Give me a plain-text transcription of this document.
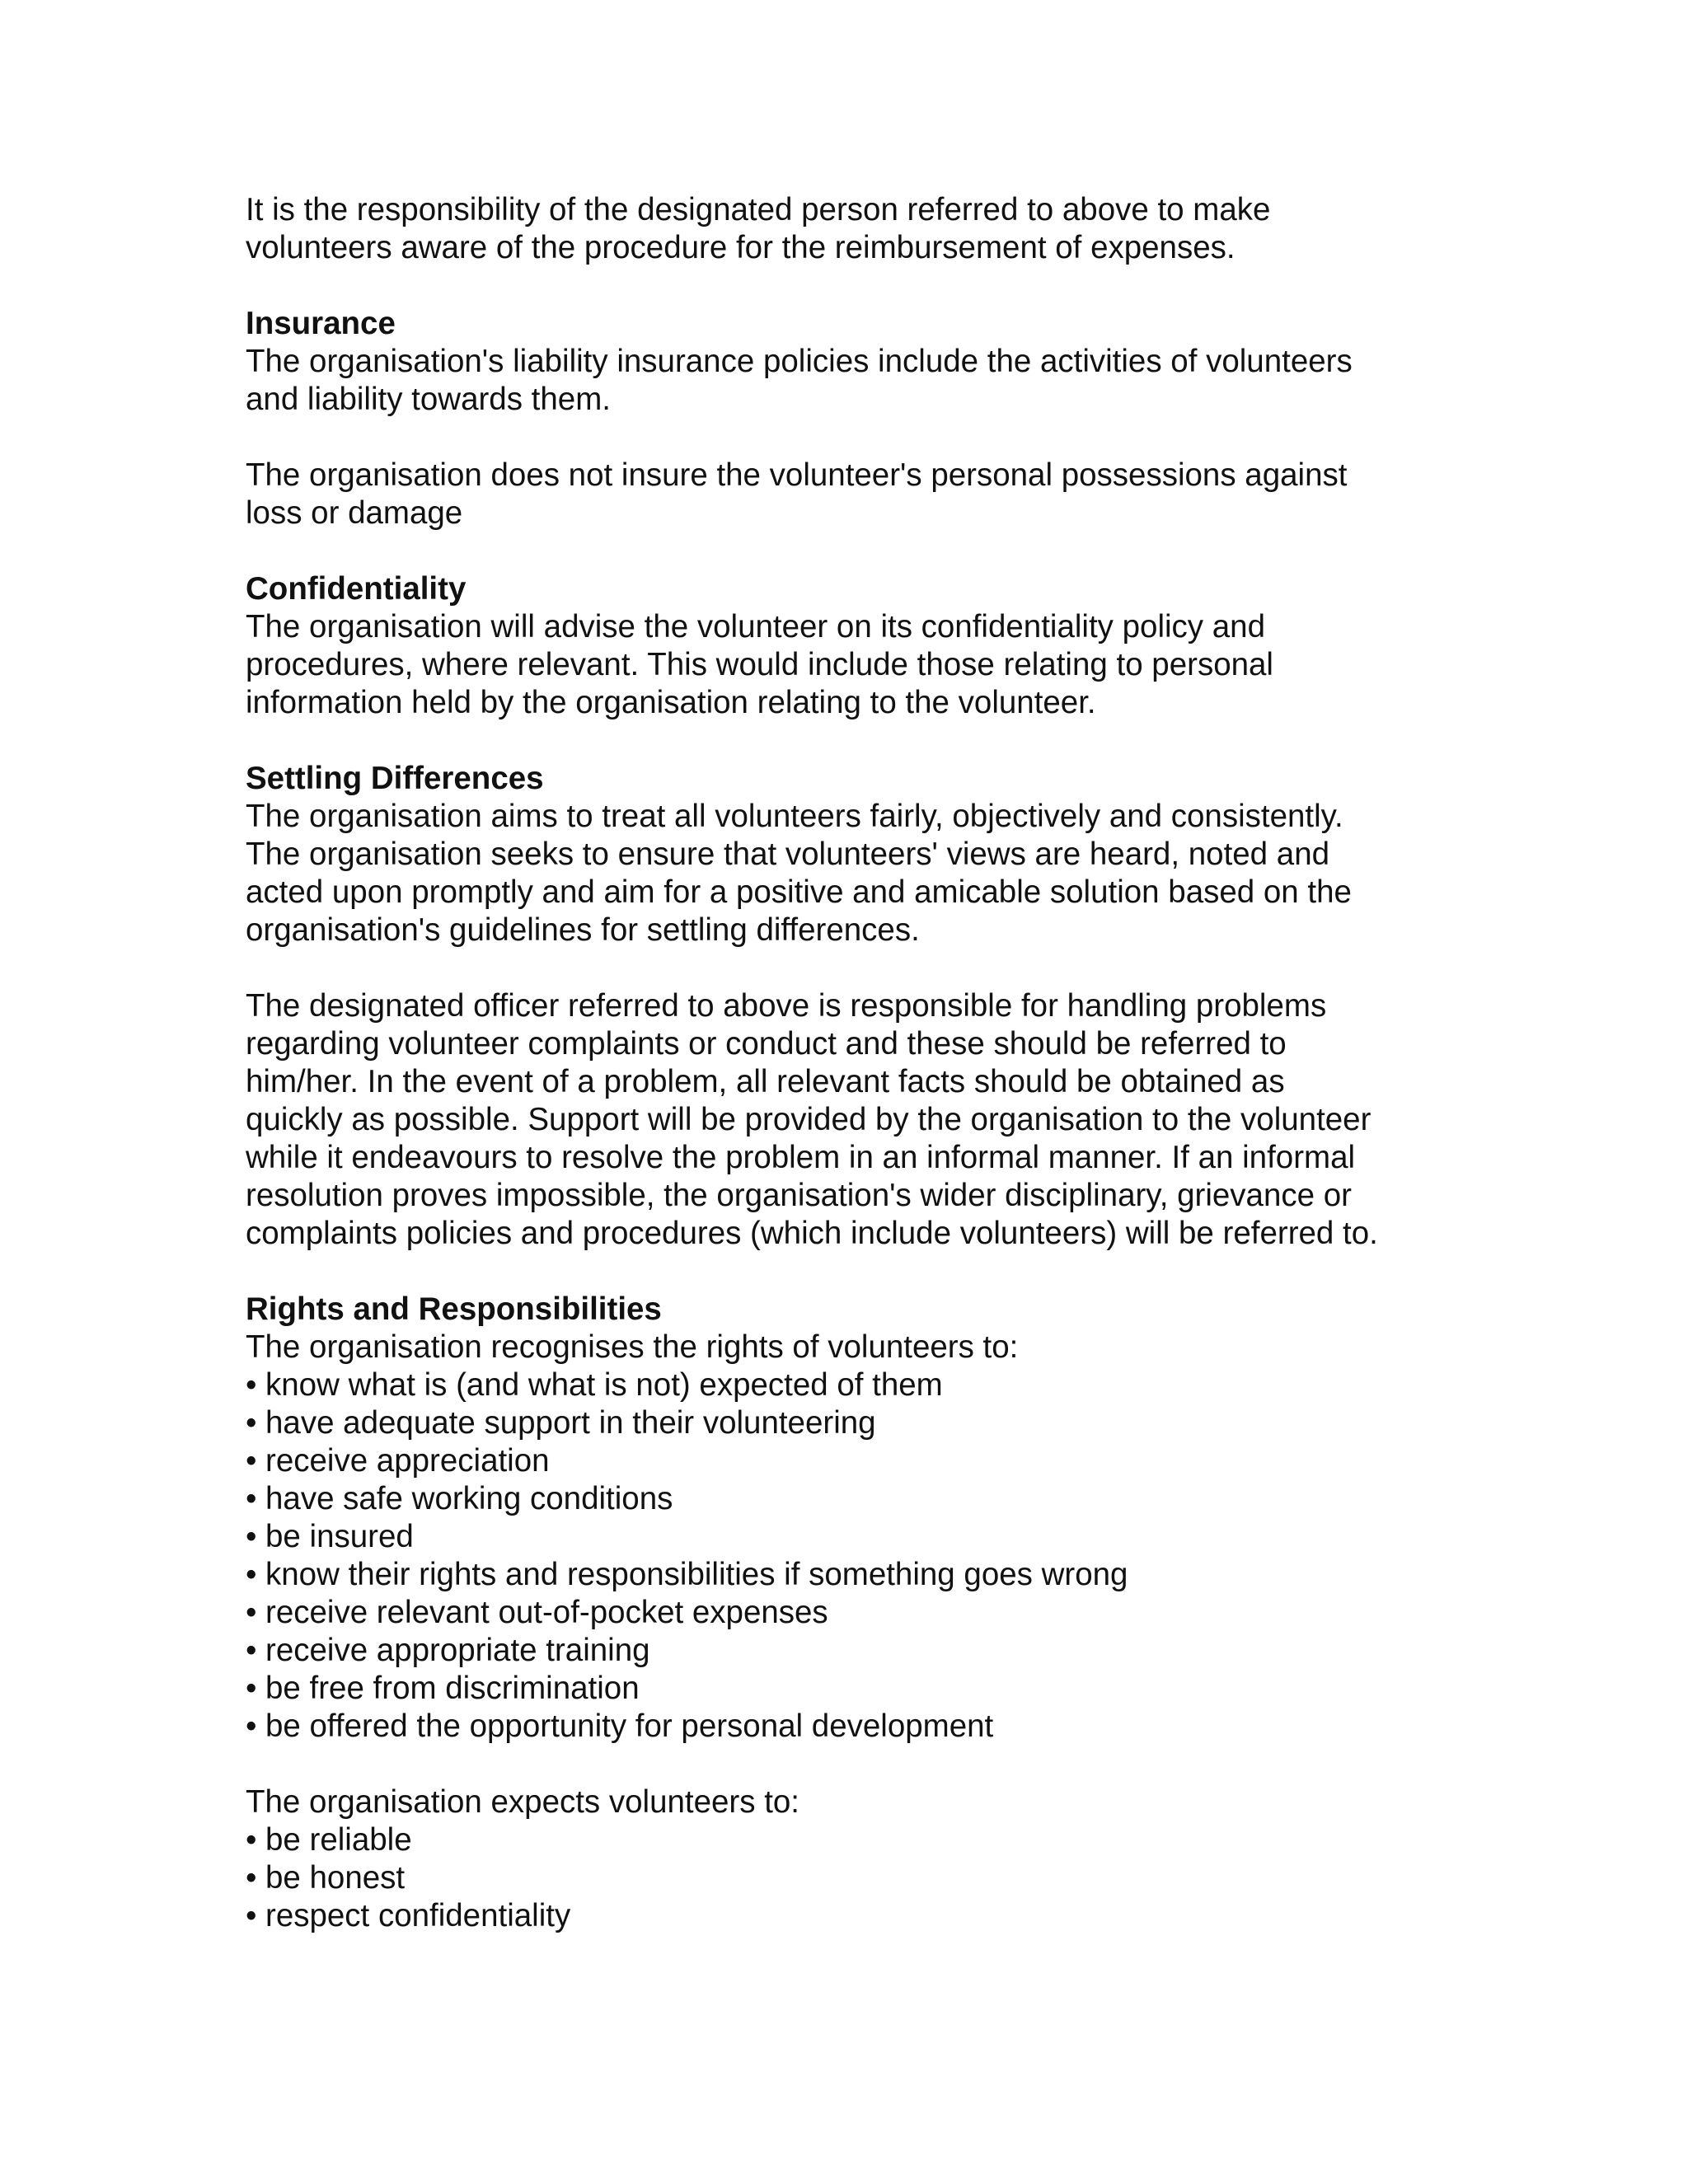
It is the responsibility of the designated person referred to above to make

volunteers aware of the procedure for the reimbursement of expenses.

Insurance

The organisation's liability insurance policies include the activities of volunteers

and liability towards them.

The organisation does not insure the volunteer's personal possessions against

loss or damage

Confidentiality

The organisation will advise the volunteer on its confidentiality policy and

procedures, where relevant. This would include those relating to personal

information held by the organisation relating to the volunteer.

Settling Differences

The organisation aims to treat all volunteers fairly, objectively and consistently.

The organisation seeks to ensure that volunteers' views are heard, noted and

acted upon promptly and aim for a positive and amicable solution based on the

organisation's guidelines for settling differences.

The designated officer referred to above is responsible for handling problems

regarding volunteer complaints or conduct and these should be referred to

him/her. In the event of a problem, all relevant facts should be obtained as

quickly as possible. Support will be provided by the organisation to the volunteer

while it endeavours to resolve the problem in an informal manner. If an informal

resolution proves impossible, the organisation's wider disciplinary, grievance or

complaints policies and procedures (which include volunteers) will be referred to.

Rights and Responsibilities

The organisation recognises the rights of volunteers to:

• know what is (and what is not) expected of them
• have adequate support in their volunteering
• receive appreciation
• have safe working conditions
• be insured
• know their rights and responsibilities if something goes wrong
• receive relevant out-of-pocket expenses
• receive appropriate training
• be free from discrimination
• be offered the opportunity for personal development

The organisation expects volunteers to:

• be reliable
• be honest
• respect confidentiality
